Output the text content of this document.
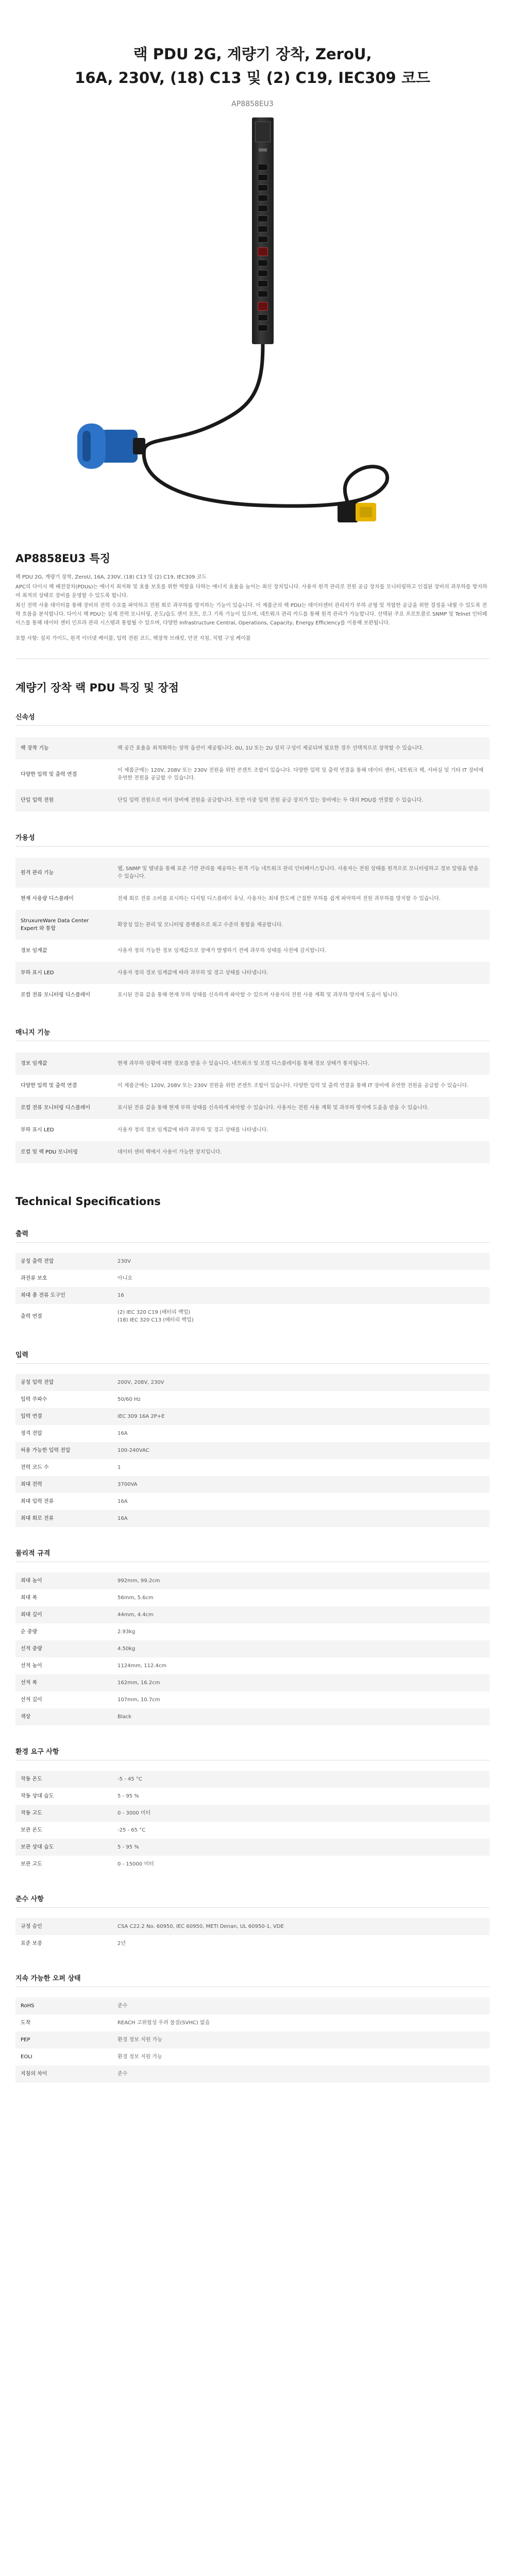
랙 PDU 2G, 계량기 장착, ZeroU,
16A, 230V, (18) C13 및 (2) C19, IEC309 코드
AP8858EU3
AP8858EU3 특징

랙 PDU 2G, 계량기 장착, ZeroU, 16A, 230V, (18) C13 및 (2) C19, IEC309 코드

APC의 다이시 랙 배전장치(PDUs)는 에너지 최저화 및 효율 보호를 위한 역할을 다하는 에너지 효율을 높이는 최신 장치입니다. 사용자 원격 관리로 전원 공급 장치를 모니터링하고 인접된 장비의 과부하를 방지하여 최적의 상태로 장비를 운영할 수 있도록 합니다.

최신 전력 사용 데이터를 통해 장비의 전력 수요를 파악하고 전원 회로 과부하를 방지하는 기능이 있습니다. 이 제품군의 랙 PDU는 데이터센터 관리자가 부하 균형 및 적합한 공급을 위한 결정을 내릴 수 있도록 전력 흐름을 분석합니다. 다이시 랙 PDU는 실제 전력 모니터링, 온도/습도 센서 포트, 로그 기록 기능이 있으며, 네트워크 관리 카드를 통해 원격 관리가 가능합니다. 선택된 주요 프로토콜로 SNMP 및 Telnet 인터페이스를 통해 데이터 센터 인프라 관리 시스템과 통합될 수 있으며, 다양한 Infrastructure Central, Operations, Capacity, Energy Efficiency를 이용해 보완됩니다.

포함 사항: 설치 가이드, 원격 이더넷 케이블, 입력 전원 코드, 랙장착 브래킷, 안전 지침, 직렬 구성 케이블
계량기 장착 랙 PDU 특징 및 장점
신속성
랙 장착 기능	랙 공간 효율을 최적화하는 장착 옵션이 제공됩니다. 0U, 1U 또는 2U 설치 구성이 제공되며 필요한 경우 선택적으로 장착할 수 있습니다.
다양한 입력 및 출력 연결	이 제품군에는 120V, 208V 또는 230V 전원을 위한 콘센트 조합이 있습니다. 다양한 입력 및 출력 연결을 통해 데이터 센터, 네트워크 랙, 서버실 및 기타 IT 장비에 유연한 전원을 공급할 수 있습니다.
단일 입력 전원	단일 입력 전원으로 여러 장비에 전원을 공급합니다. 또한 이중 입력 전원 공급 장치가 있는 장비에는 두 대의 PDU를 연결할 수 있습니다.
가용성
원격 관리 기능	웹, SNMP 및 텔넷을 통해 표준 기반 관리를 제공하는 원격 기능 네트워크 관리 인터페이스입니다. 사용자는 전원 상태를 원격으로 모니터링하고 경보 알림을 받을 수 있습니다.
현재 사용량 디스플레이	전체 회로 전류 소비를 표시하는 디지털 디스플레이 유닛. 사용자는 최대 한도에 근접한 부하를 쉽게 파악하여 전원 과부하를 방지할 수 있습니다.
StruxureWare Data Center Expert 와 통합	확장성 있는 관리 및 모니터링 플랫폼으로 최고 수준의 통합을 제공합니다.
경보 임계값	사용자 정의 가능한 경보 임계값으로 장애가 발생하기 전에 과부하 상태를 사전에 감지합니다.
부하 표시 LED	사용자 정의 경보 임계값에 따라 과부하 및 경고 상태를 나타냅니다.
로컬 전류 모니터링 디스플레이	표시된 전류 값을 통해 현재 부하 상태를 신속하게 파악할 수 있으며 사용자의 전원 사용 계획 및 과부하 방지에 도움이 됩니다.
매니지 기능
경보 임계값	현재 과부하 상황에 대한 경보를 받을 수 있습니다. 네트워크 및 로컬 디스플레이를 통해 경보 상태가 통지됩니다.
다양한 입력 및 출력 연결	이 제품군에는 120V, 208V 또는 230V 전원을 위한 콘센트 조합이 있습니다. 다양한 입력 및 출력 연결을 통해 IT 장비에 유연한 전원을 공급할 수 있습니다.
로컬 전류 모니터링 디스플레이	표시된 전류 값을 통해 현재 부하 상태를 신속하게 파악할 수 있습니다. 사용자는 전원 사용 계획 및 과부하 방지에 도움을 받을 수 있습니다.
부하 표시 LED	사용자 정의 경보 임계값에 따라 과부하 및 경고 상태를 나타냅니다.
로컬 및 랙 PDU 모니터링	데이터 센터 랙에서 사용이 가능한 장치입니다.
Technical Specifications
출력
공칭 출력 전압	230V
과전류 보호	아니요
최대 총 전류 도구인	16
출력 연결	(2) IEC 320 C19 (배터리 백업)
(18) IEC 320 C13 (배터리 백업)
입력
공칭 입력 전압	200V, 208V, 230V
입력 주파수	50/60 Hz
입력 연결	IEC 309 16A 2P+E
정격 전압	16A
허용 가능한 입력 전압	100-240VAC
전력 코드 수	1
최대 전력	3700VA
최대 입력 전류	16A
최대 회로 전류	16A
물리적 규격
최대 높이	992mm, 99.2cm
최대 폭	56mm, 5.6cm
최대 깊이	44mm, 4.4cm
순 중량	2.93kg
선적 중량	4.50kg
선적 높이	1124mm, 112.4cm
선적 폭	162mm, 16.2cm
선적 깊이	107mm, 10.7cm
색상	Black
환경 요구 사항
작동 온도	-5 - 45 °C
작동 상대 습도	5 - 95 %
작동 고도	0 - 3000 미터
보관 온도	-25 - 65 °C
보관 상대 습도	5 - 95 %
보관 고도	0 - 15000 미터
준수 사항
규정 승인	CSA C22.2 No. 60950, IEC 60950, METI Denan, UL 60950-1, VDE
표준 보증	2년
지속 가능한 오퍼 상태
RoHS	준수
도착	REACH 고위험성 우려 물질(SVHC) 없음
PEP	환경 정보 지원 가능
EOLI	환경 정보 지원 가능
지침의 차이	준수
